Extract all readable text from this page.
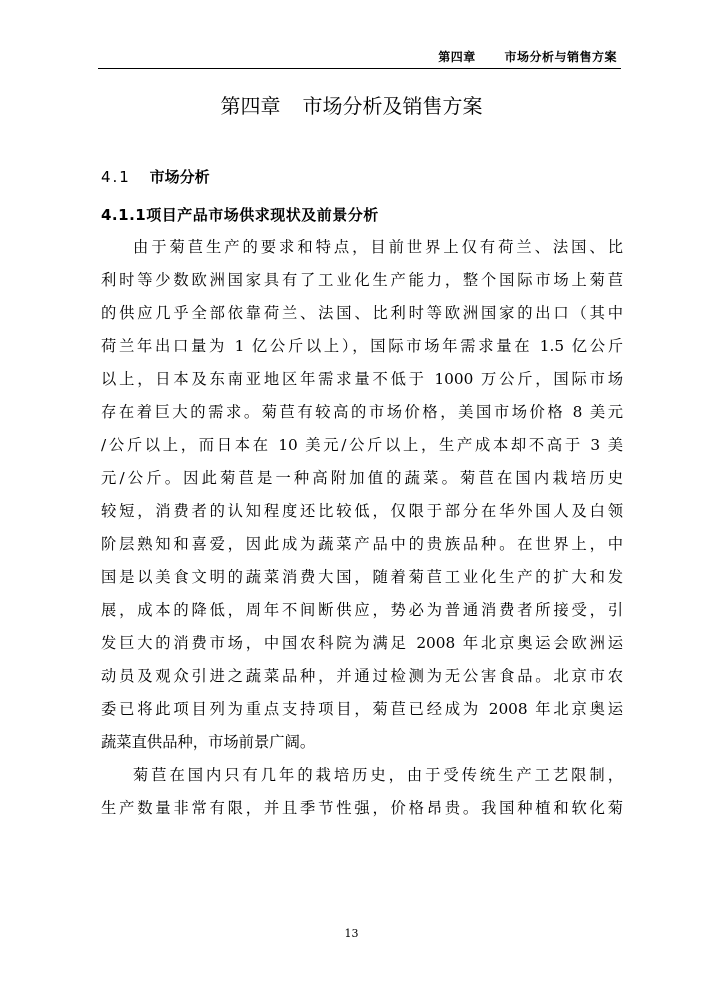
第四章 市场分析与销售方案
第四章 市场分析及销售方案
4.1 市场分析
4.1.1项目产品市场供求现状及前景分析
由于菊苣生产的要求和特点，目前世界上仅有荷兰、法国、比
利时等少数欧洲国家具有了工业化生产能力，整个国际市场上菊苣
的供应几乎全部依靠荷兰、法国、比利时等欧洲国家的出口（其中
荷兰年出口量为 1 亿公斤以上），国际市场年需求量在 1.5 亿公斤
以上，日本及东南亚地区年需求量不低于 1000 万公斤，国际市场
存在着巨大的需求。菊苣有较高的市场价格，美国市场价格 8 美元
/公斤以上，而日本在 10 美元/公斤以上，生产成本却不高于 3 美
元/公斤。因此菊苣是一种高附加值的蔬菜。菊苣在国内栽培历史
较短，消费者的认知程度还比较低，仅限于部分在华外国人及白领
阶层熟知和喜爱，因此成为蔬菜产品中的贵族品种。在世界上，中
国是以美食文明的蔬菜消费大国，随着菊苣工业化生产的扩大和发
展，成本的降低，周年不间断供应，势必为普通消费者所接受，引
发巨大的消费市场，中国农科院为满足 2008 年北京奥运会欧洲运
动员及观众引进之蔬菜品种，并通过检测为无公害食品。北京市农
委已将此项目列为重点支持项目，菊苣已经成为 2008 年北京奥运
蔬菜直供品种，市场前景广阔。
菊苣在国内只有几年的栽培历史，由于受传统生产工艺限制，
生产数量非常有限，并且季节性强，价格昂贵。我国种植和软化菊
13
